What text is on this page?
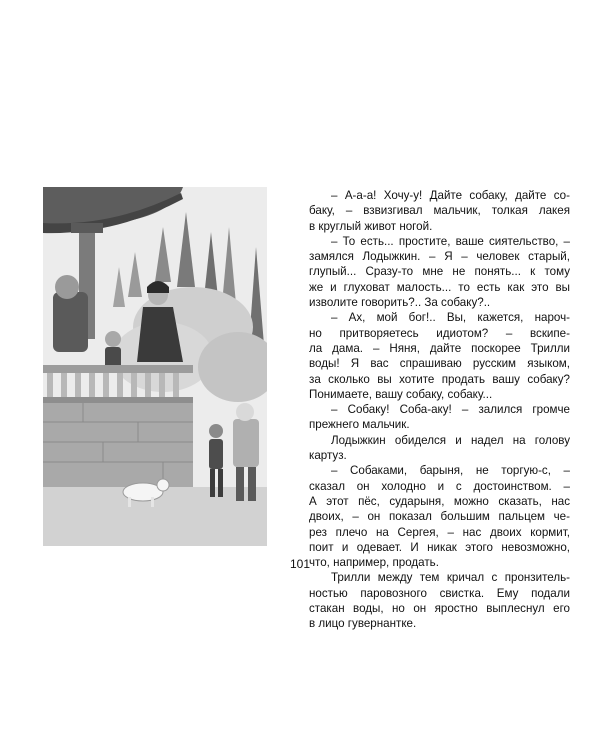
– А-а-а! Хочу-у! Дайте собаку, дайте со-
баку, – взвизгивал мальчик, толкая лакея
в круглый живот ногой.

– То есть... простите, ваше сиятельство, –
замялся Лодыжкин. – Я – человек старый,
глупый... Сразу-то мне не понять... к тому
же и глуховат малость... то есть как это вы
изволите говорить?.. За собаку?..

– Ах, мой бог!.. Вы, кажется, нароч-
но притворяетесь идиотом? – вскипе-
ла дама. – Няня, дайте поскорее Трилли
воды! Я вас спрашиваю русским языком,
за сколько вы хотите продать вашу собаку?
Понимаете, вашу собаку, собаку...

– Собаку! Соба-аку! – залился громче
прежнего мальчик.

Лодыжкин обиделся и надел на голову
картуз.

– Собаками, барыня, не торгую-с, –
сказал он холодно и с достоинством. –
А этот пёс, сударыня, можно сказать, нас
двоих, – он показал большим пальцем че-
рез плечо на Сергея, – нас двоих кормит,
поит и одевает. И никак этого невозможно,
что, например, продать.

Трилли между тем кричал с пронзитель-
ностью паровозного свистка. Ему подали
стакан воды, но он яростно выплеснул его
в лицо гувернантке.

101
